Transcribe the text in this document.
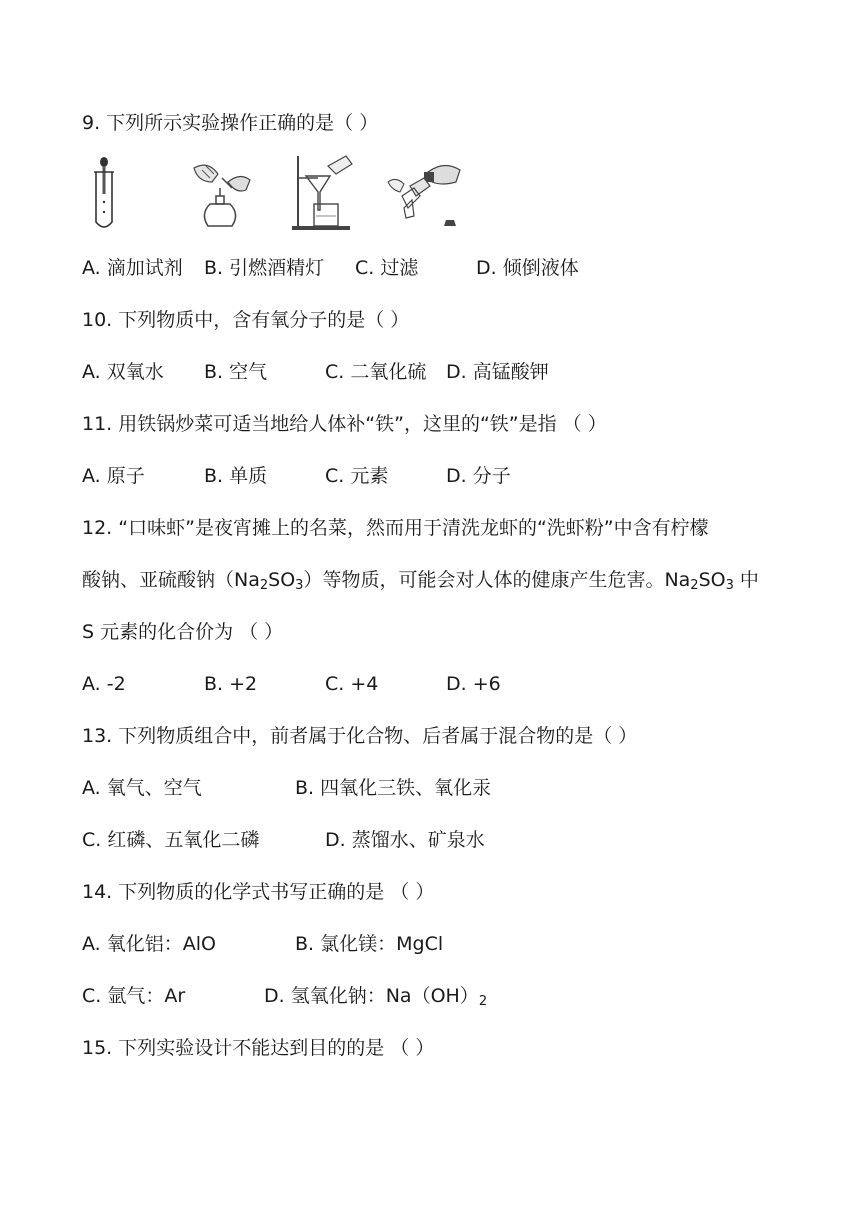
9. 下列所示实验操作正确的是（ ）
A. 滴加试剂 B. 引燃酒精灯 C. 过滤	D. 倾倒液体
10. 下列物质中，含有氧分子的是（ ）
A. 双氧水 B. 空气	C. 二氧化硫 D. 高锰酸钾
11. 用铁锅炒菜可适当地给人体补“铁”，这里的“铁”是指 （ ）
A. 原子	B. 单质	C. 元素	D. 分子
12. “口味虾”是夜宵摊上的名菜，然而用于清洗龙虾的“洗虾粉”中含有柠檬
酸钠、亚硫酸钠$(Na_2SO_3)$等物质，可能会对人体的健康产生危害。$Na_2SO_3$ 中
S 元素的化合价为 （ ）
A. -2	B. +2	C. +4	D. +6
13. 下列物质组合中，前者属于化合物、后者属于混合物的是（ ）
A. 氧气、空气	B. 四氧化三铁、氧化汞
C. 红磷、五氧化二磷	D. 蒸馏水、矿泉水
14. 下列物质的化学式书写正确的是 （ ）
A. 氧化铝：AlO	B. 氯化镁：MgCl
C. 氩气：Ar	D. 氢氧化钠：$Na(OH)_2$
15. 下列实验设计不能达到目的的是 （ ）
